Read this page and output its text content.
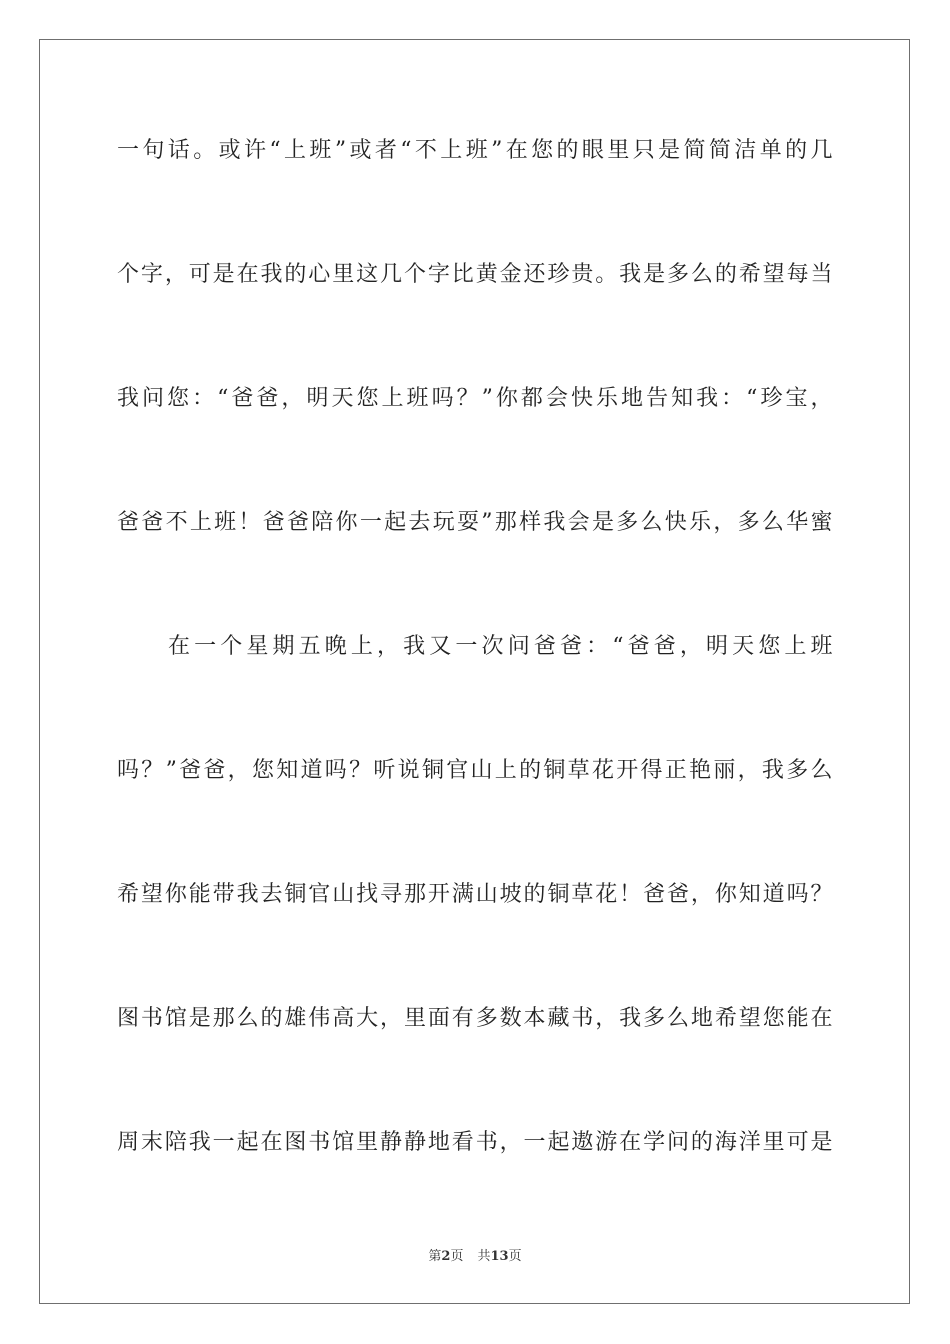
一句话。或许“上班”或者“不上班”在您的眼里只是简简洁单的几
个字，可是在我的心里这几个字比黄金还珍贵。我是多么的希望每当
我问您：“爸爸，明天您上班吗？”你都会快乐地告知我：“珍宝，
爸爸不上班！爸爸陪你一起去玩耍”那样我会是多么快乐，多么华蜜
在一个星期五晚上，我又一次问爸爸：“爸爸，明天您上班
吗？”爸爸，您知道吗？听说铜官山上的铜草花开得正艳丽，我多么
希望你能带我去铜官山找寻那开满山坡的铜草花！爸爸，你知道吗？
图书馆是那么的雄伟高大，里面有多数本藏书，我多么地希望您能在
周末陪我一起在图书馆里静静地看书，一起遨游在学问的海洋里可是
第2页 共13页
